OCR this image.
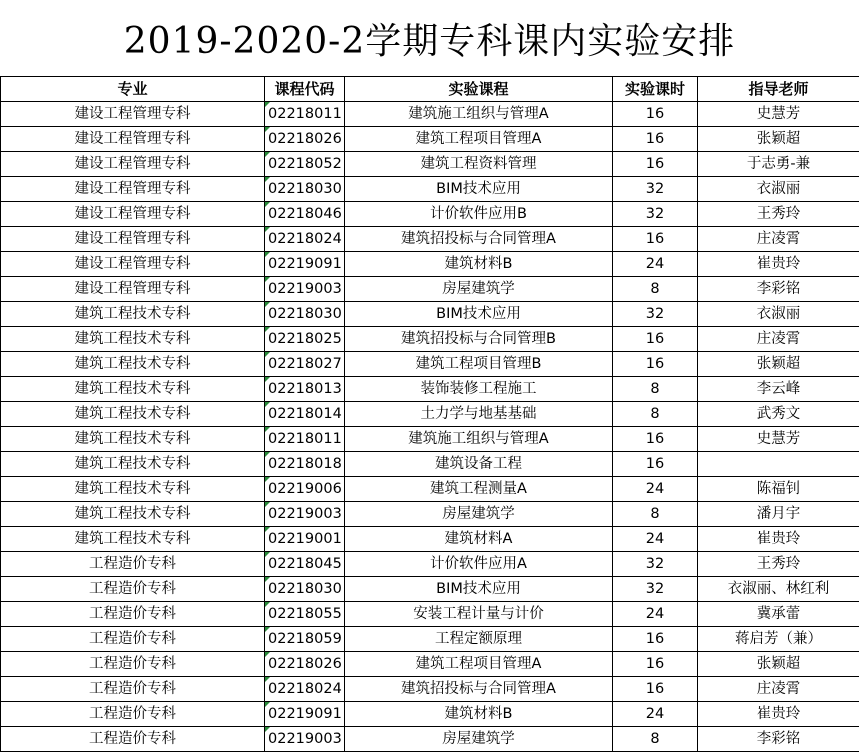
2019-2020-2学期专科课内实验安排
专业	课程代码	实验课程	实验课时	指导老师
建设工程管理专科	02218011	建筑施工组织与管理A	16	史慧芳
建设工程管理专科	02218026	建筑工程项目管理A	16	张颖超
建设工程管理专科	02218052	建筑工程资料管理	16	于志勇-兼
建设工程管理专科	02218030	BIM技术应用	32	衣淑丽
建设工程管理专科	02218046	计价软件应用B	32	王秀玲
建设工程管理专科	02218024	建筑招投标与合同管理A	16	庄凌霄
建设工程管理专科	02219091	建筑材料B	24	崔贵玲
建设工程管理专科	02219003	房屋建筑学	8	李彩铭
建筑工程技术专科	02218030	BIM技术应用	32	衣淑丽
建筑工程技术专科	02218025	建筑招投标与合同管理B	16	庄凌霄
建筑工程技术专科	02218027	建筑工程项目管理B	16	张颖超
建筑工程技术专科	02218013	装饰装修工程施工	8	李云峰
建筑工程技术专科	02218014	土力学与地基基础	8	武秀文
建筑工程技术专科	02218011	建筑施工组织与管理A	16	史慧芳
建筑工程技术专科	02218018	建筑设备工程	16	
建筑工程技术专科	02219006	建筑工程测量A	24	陈福钊
建筑工程技术专科	02219003	房屋建筑学	8	潘月宇
建筑工程技术专科	02219001	建筑材料A	24	崔贵玲
工程造价专科	02218045	计价软件应用A	32	王秀玲
工程造价专科	02218030	BIM技术应用	32	衣淑丽、林红利
工程造价专科	02218055	安装工程计量与计价	24	冀承蕾
工程造价专科	02218059	工程定额原理	16	蒋启芳（兼）
工程造价专科	02218026	建筑工程项目管理A	16	张颖超
工程造价专科	02218024	建筑招投标与合同管理A	16	庄凌霄
工程造价专科	02219091	建筑材料B	24	崔贵玲
工程造价专科	02219003	房屋建筑学	8	李彩铭
